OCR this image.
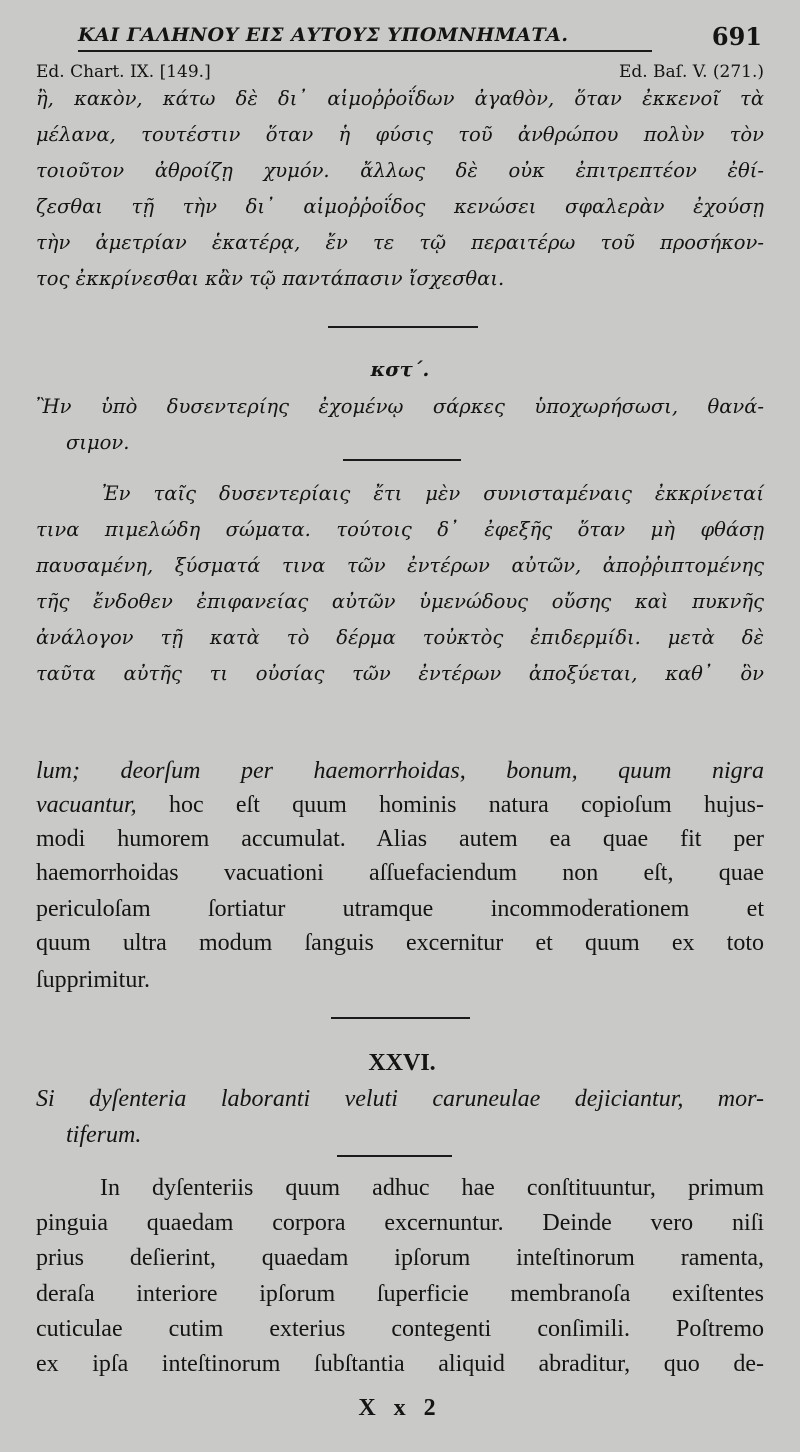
ΚΑΙ ΓΑΛΗΝΟΥ ΕΙΣ ΑΥΤΟΥΣ ΥΠΟΜΝΗΜΑΤΑ.	691
Ed. Chart. IX. [149.]	Ed. Baſ. V. (271.)
ἢ, κακὸν, κάτω δὲ δι᾽ αἱμοῤῥοΐδων ἀγαθὸν, ὅταν ἐκκενοῖ τὰ
μέλανα, τουτέστιν ὅταν ἡ φύσις τοῦ ἀνθρώπου πολὺν τὸν
τοιοῦτον ἀθροίζῃ χυμόν. ἄλλως δὲ οὐκ ἐπιτρεπτέον ἐθί-
ζεσθαι τῇ τὴν δι᾽ αἱμοῤῥοΐδος κενώσει σφαλερὰν ἐχούσῃ
τὴν ἀμετρίαν ἑκατέρᾳ, ἔν τε τῷ περαιτέρω τοῦ προσήκον-
τος ἐκκρίνεσθαι κἂν τῷ παντάπασιν ἴσχεσθαι.
κστ΄.
Ἢν ὑπὸ δυσεντερίης ἐχομένῳ σάρκες ὑποχωρήσωσι, θανά-
σιμον.
Ἐν ταῖς δυσεντερίαις ἔτι μὲν συνισταμέναις ἐκκρίνεταί
τινα πιμελώδη σώματα. τούτοις δ᾽ ἐφεξῆς ὅταν μὴ φθάσῃ
παυσαμένη, ξύσματά τινα τῶν ἐντέρων αὐτῶν, ἀποῤῥιπτομένης
τῆς ἔνδοθεν ἐπιφανείας αὐτῶν ὑμενώδους οὔσης καὶ πυκνῆς
ἀνάλογον τῇ κατὰ τὸ δέρμα τοὐκτὸς ἐπιδερμίδι. μετὰ δὲ
ταῦτα αὐτῆς τι οὐσίας τῶν ἐντέρων ἀποξύεται, καθ᾽ ὃν
lum; deorſum per haemorrhoidas, bonum, quum nigra
vacuantur, hoc eſt quum hominis natura copioſum hujus-
modi humorem accumulat. Alias autem ea quae fit per
haemorrhoidas vacuationi aſſuefaciendum non eſt, quae
periculoſam ſortiatur utramque incommoderationem et
quum ultra modum ſanguis excernitur et quum ex toto
ſupprimitur.
XXVI.
Si dyſenteria laboranti veluti caruneulae dejiciantur, mor-
tiferum.
In dyſenteriis quum adhuc hae conſtituuntur, primum
pinguia quaedam corpora excernuntur. Deinde vero niſi
prius deſierint, quaedam ipſorum inteſtinorum ramenta,
deraſa interiore ipſorum ſuperficie membranoſa exiſtentes
cuticulae cutim exterius contegenti conſimili. Poſtremo
ex ipſa inteſtinorum ſubſtantia aliquid abraditur, quo de-
X x 2
